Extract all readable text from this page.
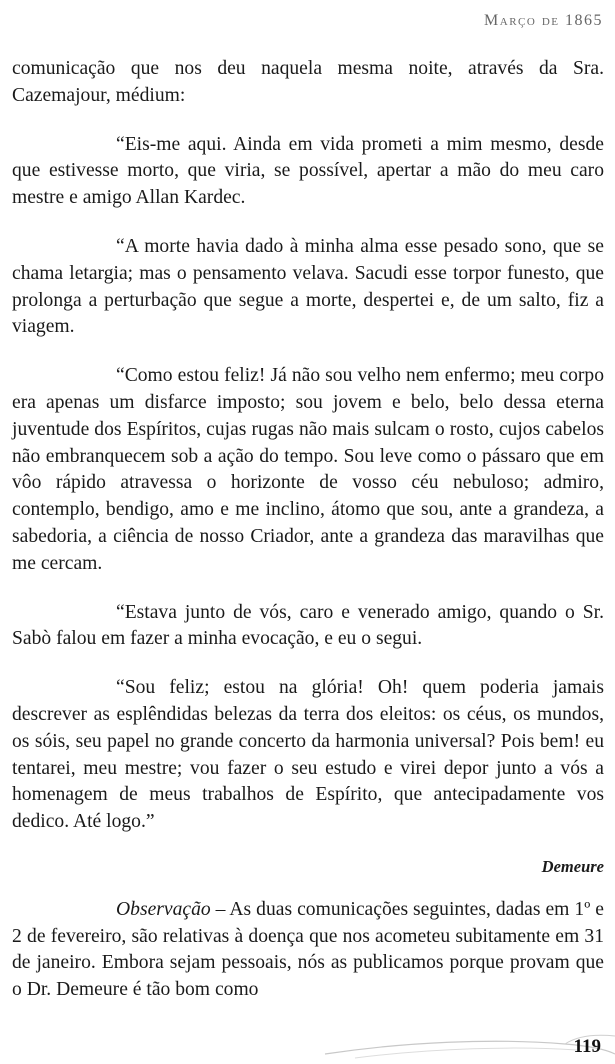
Março de 1865

comunicação que nos deu naquela mesma noite, através da Sra. Cazemajour, médium:

“Eis-me aqui. Ainda em vida prometi a mim mesmo, desde que estivesse morto, que viria, se possível, apertar a mão do meu caro mestre e amigo Allan Kardec.

“A morte havia dado à minha alma esse pesado sono, que se chama letargia; mas o pensamento velava. Sacudi esse torpor funesto, que prolonga a perturbação que segue a morte, despertei e, de um salto, fiz a viagem.

“Como estou feliz! Já não sou velho nem enfermo; meu corpo era apenas um disfarce imposto; sou jovem e belo, belo dessa eterna juventude dos Espíritos, cujas rugas não mais sulcam o rosto, cujos cabelos não embranquecem sob a ação do tempo. Sou leve como o pássaro que em vôo rápido atravessa o horizonte de vosso céu nebuloso; admiro, contemplo, bendigo, amo e me inclino, átomo que sou, ante a grandeza, a sabedoria, a ciência de nosso Criador, ante a grandeza das maravilhas que me cercam.

“Estava junto de vós, caro e venerado amigo, quando o Sr. Sabò falou em fazer a minha evocação, e eu o segui.

“Sou feliz; estou na glória! Oh! quem poderia jamais descrever as esplêndidas belezas da terra dos eleitos: os céus, os mundos, os sóis, seu papel no grande concerto da harmonia universal? Pois bem! eu tentarei, meu mestre; vou fazer o seu estudo e virei depor junto a vós a homenagem de meus trabalhos de Espírito, que antecipadamente vos dedico. Até logo.”

Demeure

Observação – As duas comunicações seguintes, dadas em 1º e 2 de fevereiro, são relativas à doença que nos acometeu subitamente em 31 de janeiro. Embora sejam pessoais, nós as publicamos porque provam que o Dr. Demeure é tão bom como

119
